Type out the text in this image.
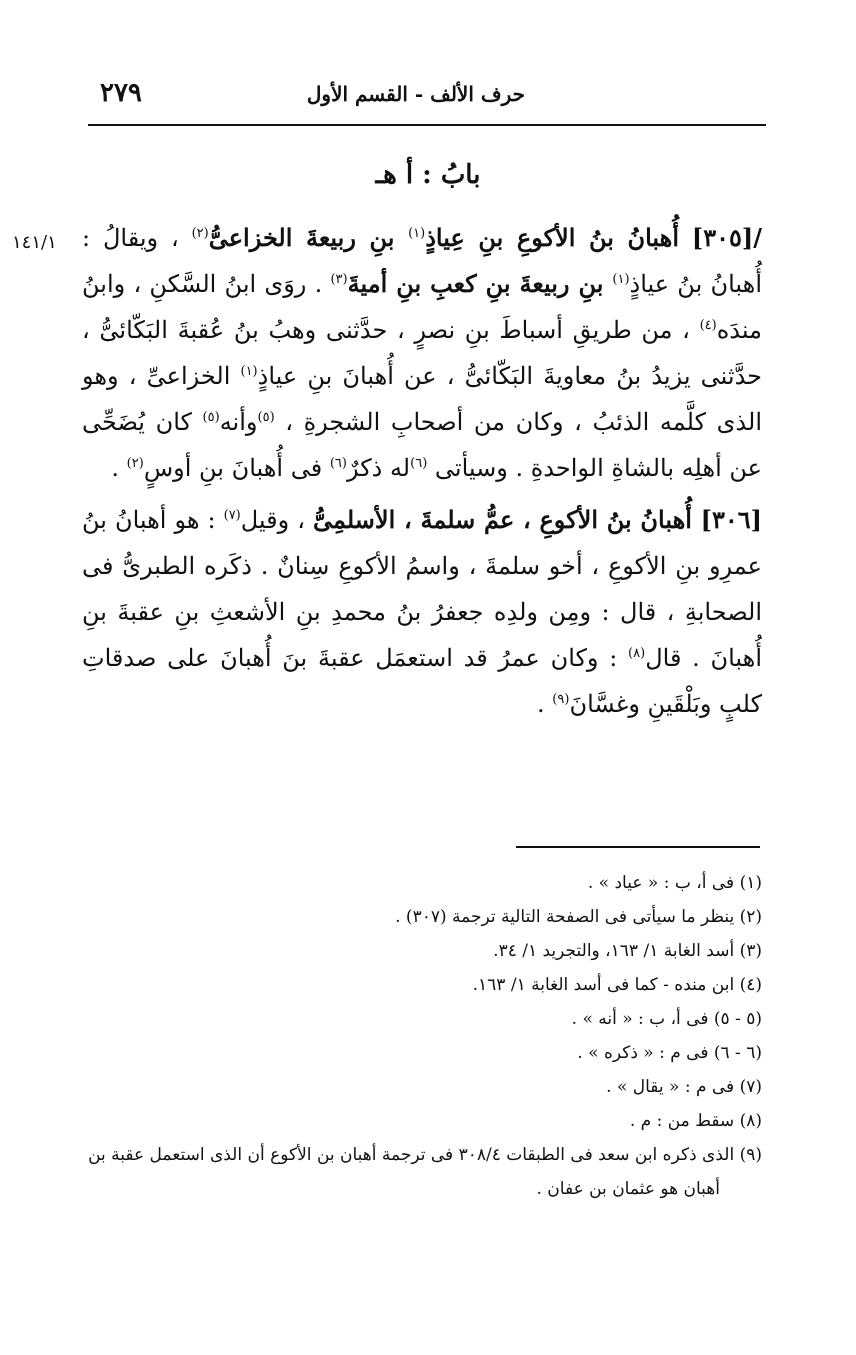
٢٧٩	حرف الألف - القسم الأول
بابُ : أ هـ
١٤١/١	/[٣٠٥] أُهبانُ بنُ الأكوعِ بنِ عِياذٍ$^{(١)}$ بنِ ربيعةَ الخزاعىُّ$^{(٢)}$ ، ويقالُ : أُهبانُ بنُ عياذٍ$^{(١)}$ بنِ ربيعةَ بنِ كعبِ بنِ أميةَ$^{(٣)}$ . روَى ابنُ السَّكنِ ، وابنُ مندَه$^{(٤)}$ ، من طريقِ أسباطَ بنِ نصرٍ ، حدَّثنى وهبُ بنُ عُقبةَ البَكّائىُّ ، حدَّثنى يزيدُ بنُ معاويةَ البَكّائىُّ ، عن أُهبانَ بنِ عياذٍ$^{(١)}$ الخزاعىِّ ، وهو الذى كلَّمه الذئبُ ، وكان من أصحابِ الشجرةِ ، $^{(٥)}$وأنه$^{(٥)}$ كان يُضَحِّى عن أهلِه بالشاةِ الواحدةِ . وسيأتى $^{(٦)}$له ذكرٌ$^{(٦)}$ فى أُهبانَ بنِ أوسٍ$^{(٢)}$ .

[٣٠٦] أُهبانُ بنُ الأكوعِ ، عمُّ سلمةَ ، الأسلمِىُّ ، وقيل$^{(٧)}$ : هو أهبانُ بنُ عمرِو بنِ الأكوعِ ، أخو سلمةَ ، واسمُ الأكوعِ سِنانٌ . ذكَره الطبرىُّ فى الصحابةِ ، قال : ومِن ولدِه جعفرُ بنُ محمدِ بنِ الأشعثِ بنِ عقبةَ بنِ أُهبانَ . قال$^{(٨)}$ : وكان عمرُ قد استعمَل عقبةَ بنَ أُهبانَ على صدقاتِ كلبٍ وبَلْقَينِ وغسَّانَ$^{(٩)}$ .

(١) فى أ، ب : « عياد » .

(٢) ينظر ما سيأتى فى الصفحة التالية ترجمة (٣٠٧) .

(٣) أسد الغابة ١/ ١٦٣، والتجريد ١/ ٣٤.

(٤) ابن منده - كما فى أسد الغابة ١/ ١٦٣.

(٥ - ٥) فى أ، ب : « أنه » .

(٦ - ٦) فى م : « ذكره » .

(٧) فى م : « يقال » .

(٨) سقط من : م .

(٩) الذى ذكره ابن سعد فى الطبقات ٣٠٨/٤ فى ترجمة أهبان بن الأكوع أن الذى استعمل عقبة بن

أهبان هو عثمان بن عفان .
